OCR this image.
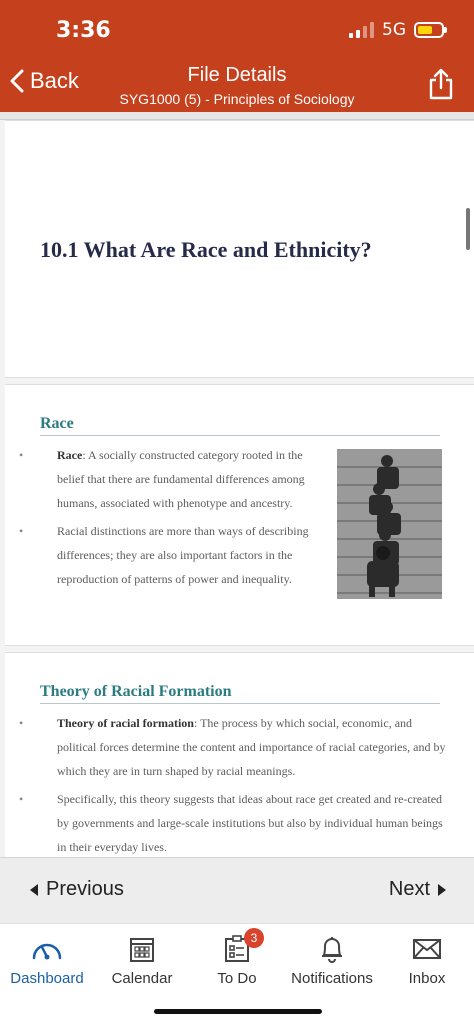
3:36	5G
Back	File Details
SYG1000 (5) - Principles of Sociology
10.1 What Are Race and Ethnicity?
Race
• Race: A socially constructed category rooted in the belief that there are fundamental differences among humans, associated with phenotype and ancestry.
• Racial distinctions are more than ways of describing differences; they are also important factors in the reproduction of patterns of power and inequality.
Theory of Racial Formation
• Theory of racial formation: The process by which social, economic, and political forces determine the content and importance of racial categories, and by which they are in turn shaped by racial meanings.
• Specifically, this theory suggests that ideas about race get created and re-created by governments and large-scale institutions but also by individual human beings in their everyday lives.
Previous	Next
Dashboard	Calendar
3
To Do	Notifications	Inbox
